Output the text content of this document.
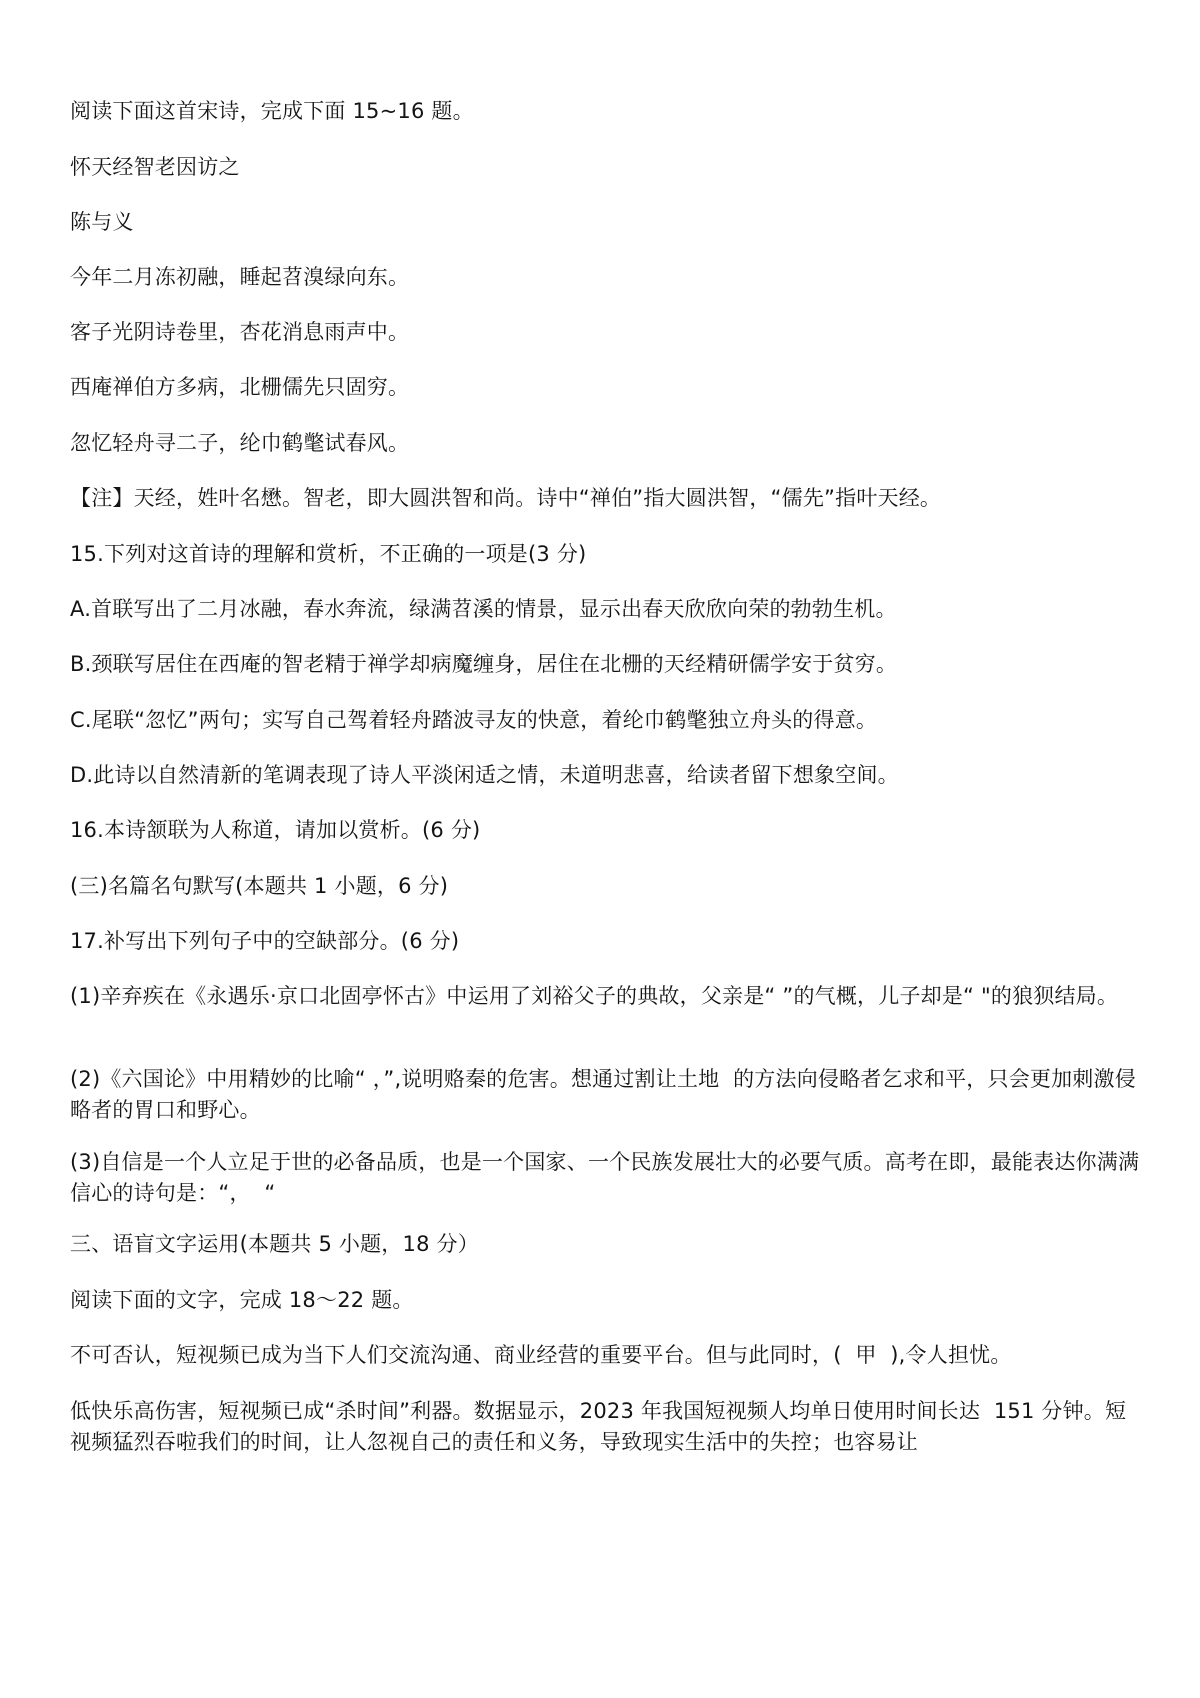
阅读下面这首宋诗，完成下面 15~16 题。

怀天经智老因访之

陈与义

今年二月冻初融，睡起苕溴绿向东。

客子光阴诗卷里，杏花消息雨声中。

西庵禅伯方多病，北栅儒先只固穷。

忽忆轻舟寻二子，纶巾鹤氅试春风。

【注】天经，姓叶名懋。智老，即大圆洪智和尚。诗中“禅伯”指大圆洪智，“儒先”指叶天经。

15.下列对这首诗的理解和赏析，不正确的一项是(3 分)

A.首联写出了二月冰融，春水奔流，绿满苕溪的情景，显示出春天欣欣向荣的勃勃生机。

B.颈联写居住在西庵的智老精于禅学却病魔缠身，居住在北栅的天经精研儒学安于贫穷。

C.尾联“忽忆”两句；实写自己驾着轻舟踏波寻友的快意，着纶巾鹤氅独立舟头的得意。

D.此诗以自然清新的笔调表现了诗人平淡闲适之情，未道明悲喜，给读者留下想象空间。

16.本诗颔联为人称道，请加以赏析。(6 分)

(三)名篇名句默写(本题共 1 小题，6 分)

17.补写出下列句子中的空缺部分。(6 分)

(1)辛弃疾在《永遇乐·京口北固亭怀古》中运用了刘裕父子的典故，父亲是“ ”的气概，儿子却是“ "的狼狈结局。

(2)《六国论》中用精妙的比喻“ ，”,说明赂秦的危害。想通过割让土地  的方法向侵略者乞求和平，只会更加刺激侵略者的胃口和野心。

(3)自信是一个人立足于世的必备品质，也是一个国家、一个民族发展壮大的必要气质。高考在即，最能表达你满满信心的诗句是：“，  “

三、语盲文字运用(本题共 5 小题，18 分）

阅读下面的文字，完成 18～22 题。

不可否认，短视频已成为当下人们交流沟通、商业经营的重要平台。但与此同时，(  甲  ),令人担忧。

低快乐高伤害，短视频已成“杀时间”利器。数据显示，2023 年我国短视频人均单日使用时间长达  151 分钟。短视频猛烈吞啦我们的时间，让人忽视自己的责任和义务，导致现实生活中的失控；也容易让
